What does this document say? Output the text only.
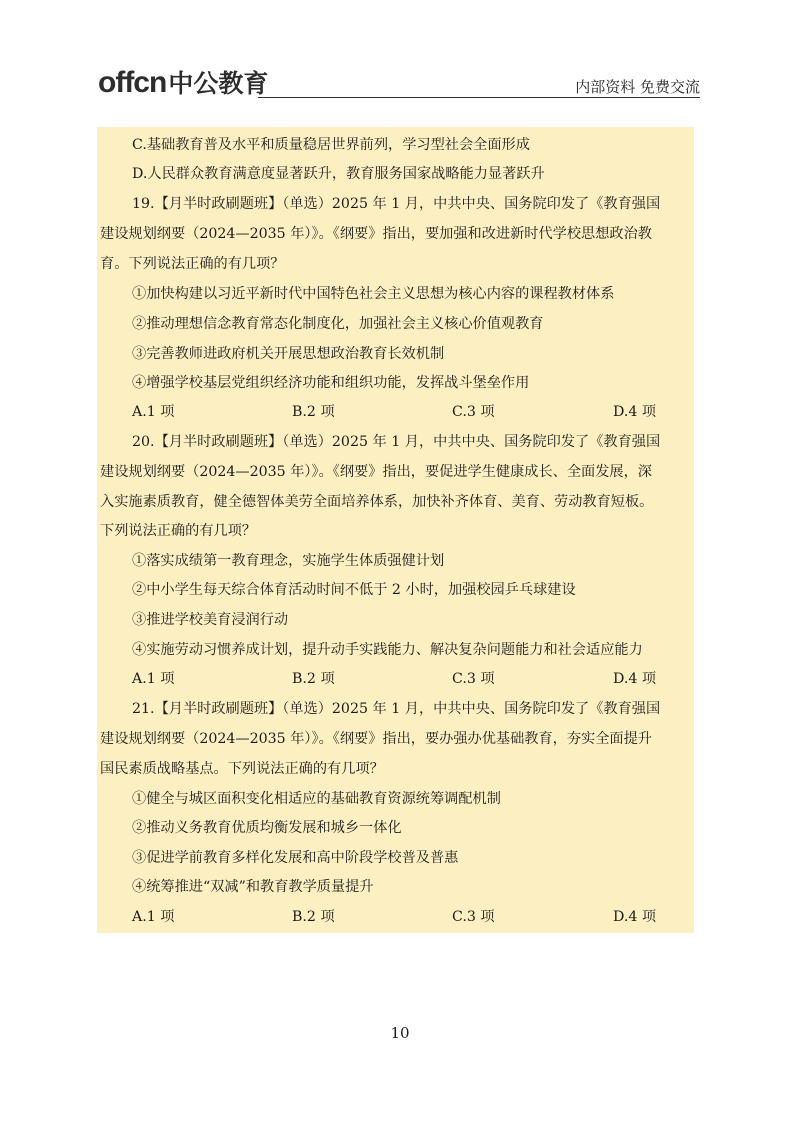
offcn 中公教育	内部资料 免费交流
C.基础教育普及水平和质量稳居世界前列，学习型社会全面形成
D.人民群众教育满意度显著跃升，教育服务国家战略能力显著跃升
19.【月半时政刷题班】（单选）2025 年 1 月，中共中央、国务院印发了《教育强国
建设规划纲要（2024—2035 年）》。《纲要》指出，要加强和改进新时代学校思想政治教
育。下列说法正确的有几项？
①加快构建以习近平新时代中国特色社会主义思想为核心内容的课程教材体系
②推动理想信念教育常态化制度化，加强社会主义核心价值观教育
③完善教师进政府机关开展思想政治教育长效机制
④增强学校基层党组织经济功能和组织功能，发挥战斗堡垒作用
A.1 项	B.2 项	C.3 项	D.4 项
20.【月半时政刷题班】（单选）2025 年 1 月，中共中央、国务院印发了《教育强国
建设规划纲要（2024—2035 年）》。《纲要》指出，要促进学生健康成长、全面发展，深
入实施素质教育，健全德智体美劳全面培养体系，加快补齐体育、美育、劳动教育短板。
下列说法正确的有几项？
①落实成绩第一教育理念，实施学生体质强健计划
②中小学生每天综合体育活动时间不低于 2 小时，加强校园乒乓球建设
③推进学校美育浸润行动
④实施劳动习惯养成计划，提升动手实践能力、解决复杂问题能力和社会适应能力
A.1 项	B.2 项	C.3 项	D.4 项
21.【月半时政刷题班】（单选）2025 年 1 月，中共中央、国务院印发了《教育强国
建设规划纲要（2024—2035 年）》。《纲要》指出，要办强办优基础教育，夯实全面提升
国民素质战略基点。下列说法正确的有几项？
①健全与城区面积变化相适应的基础教育资源统筹调配机制
②推动义务教育优质均衡发展和城乡一体化
③促进学前教育多样化发展和高中阶段学校普及普惠
④统筹推进“双减”和教育教学质量提升
A.1 项	B.2 项	C.3 项	D.4 项
10
